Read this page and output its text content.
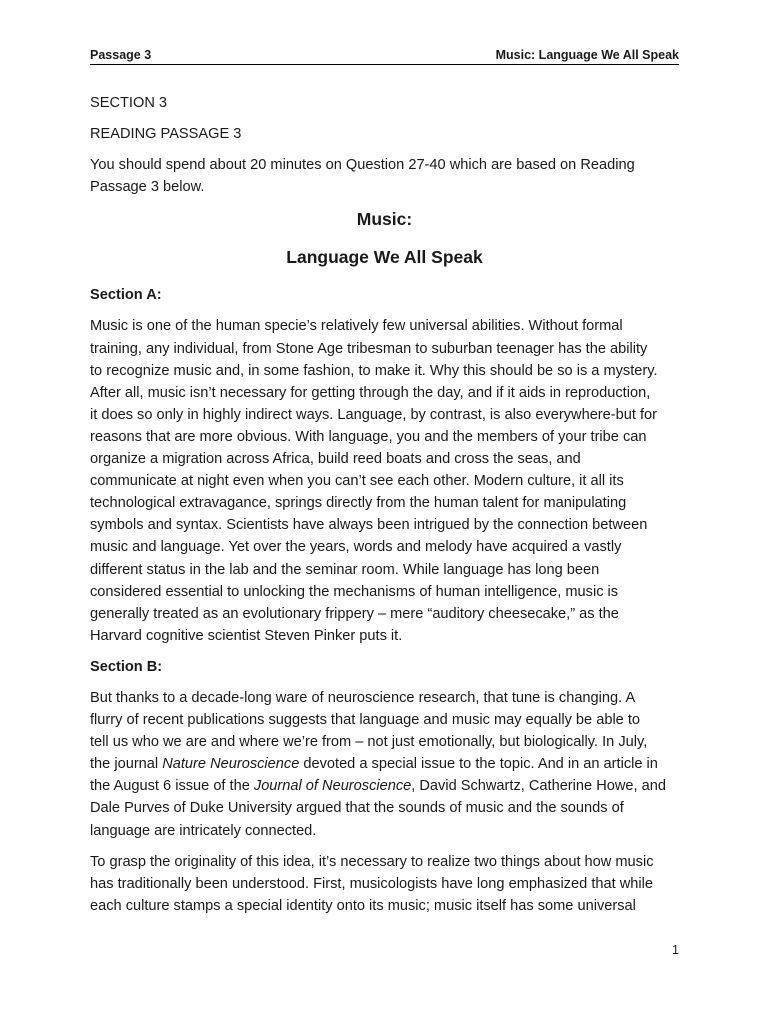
Passage 3	Music: Language We All Speak

SECTION 3

READING PASSAGE 3

You should spend about 20 minutes on Question 27-40 which are based on Reading
Passage 3 below.

Music:
Language We All Speak

Section A:

Music is one of the human specie’s relatively few universal abilities. Without formal
training, any individual, from Stone Age tribesman to suburban teenager has the ability
to recognize music and, in some fashion, to make it. Why this should be so is a mystery.
After all, music isn’t necessary for getting through the day, and if it aids in reproduction,
it does so only in highly indirect ways. Language, by contrast, is also everywhere-but for
reasons that are more obvious. With language, you and the members of your tribe can
organize a migration across Africa, build reed boats and cross the seas, and
communicate at night even when you can’t see each other. Modern culture, it all its
technological extravagance, springs directly from the human talent for manipulating
symbols and syntax. Scientists have always been intrigued by the connection between
music and language. Yet over the years, words and melody have acquired a vastly
different status in the lab and the seminar room. While language has long been
considered essential to unlocking the mechanisms of human intelligence, music is
generally treated as an evolutionary frippery – mere “auditory cheesecake,” as the
Harvard cognitive scientist Steven Pinker puts it.

Section B:

But thanks to a decade-long ware of neuroscience research, that tune is changing. A
flurry of recent publications suggests that language and music may equally be able to
tell us who we are and where we’re from – not just emotionally, but biologically. In July,
the journal Nature Neuroscience devoted a special issue to the topic. And in an article in
the August 6 issue of the Journal of Neuroscience, David Schwartz, Catherine Howe, and
Dale Purves of Duke University argued that the sounds of music and the sounds of
language are intricately connected.

To grasp the originality of this idea, it’s necessary to realize two things about how music
has traditionally been understood. First, musicologists have long emphasized that while
each culture stamps a special identity onto its music; music itself has some universal

1
